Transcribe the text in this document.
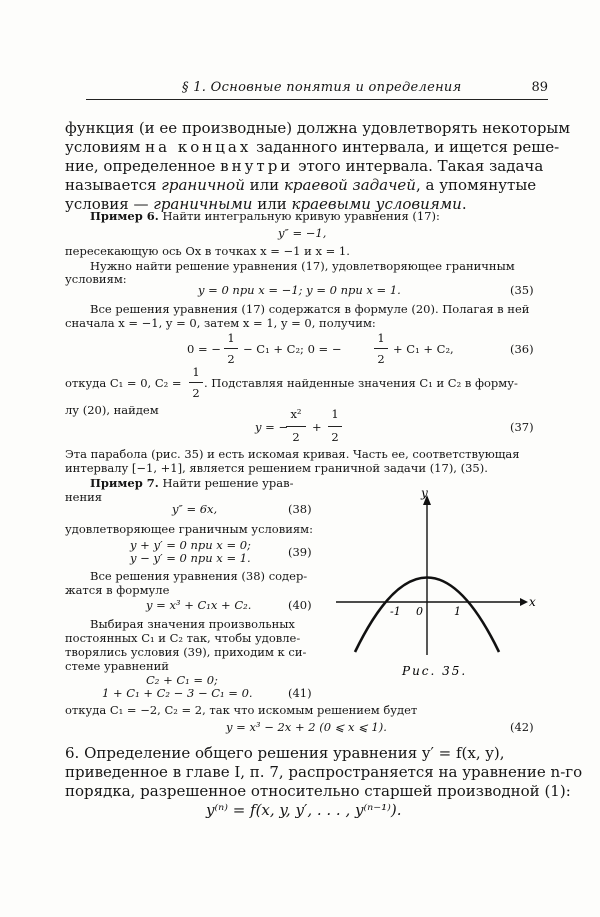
§ 1. Основные понятия и определения	89
функция (и ее производные) должна удовлетворять некоторым
условиям на концах заданного интервала, и ищется реше-
ние, определенное внутри этого интервала. Такая задача
называется граничной или краевой задачей, а упомянутые
условия — граничными или краевыми условиями.
Пример 6. Найти интегральную кривую уравнения (17):
y″ = −1,
пересекающую ось Ox в точках x = −1 и x = 1.
Нужно найти решение уравнения (17), удовлетворяющее граничным
условиям:
y = 0 при x = −1; y = 0 при x = 1.	(35)
Все решения уравнения (17) содержатся в формуле (20). Полагая в ней
сначала x = −1, y = 0, затем x = 1, y = 0, получим:
0 = −
1
2
− C₁ + C₂; 0 = −
1
2
+ C₁ + C₂,	(36)
откуда C₁ = 0, C₂ =
1
2
. Подставляя найденные значения C₁ и C₂ в форму-
лу (20), найдем
y = −
x²
2
+
1
2
(37)
Эта парабола (рис. 35) и есть искомая кривая. Часть ее, соответствующая
интервалу [−1, +1], является решением граничной задачи (17), (35).
Пример 7. Найти решение урав-
нения
y″ = 6x,	(38)
удовлетворяющее граничным условиям:
y + y′ = 0 при x = 0;
y − y′ = 0 при x = 1.	(39)
Все решения уравнения (38) содер-
жатся в формуле
y = x³ + C₁x + C₂.	(40)
Выбирая значения произвольных
постоянных C₁ и C₂ так, чтобы удовле-
творялись условия (39), приходим к си-
стеме уравнений
C₂ + C₁ = 0;
1 + C₁ + C₂ − 3 − C₁ = 0.	(41)
откуда C₁ = −2, C₂ = 2, так что искомым решением будет
y = x³ − 2x + 2 (0 ⩽ x ⩽ 1).	(42)
x
y
-1 0	1
Рис. 35.
6. Определение общего решения уравнения y′ = f(x, y),
приведенное в главе I, п. 7, распространяется на уравнение n-го
порядка, разрешенное относительно старшей производной (1):
y⁽ⁿ⁾ = f(x, y, y′, . . . , y⁽ⁿ⁻¹⁾).
